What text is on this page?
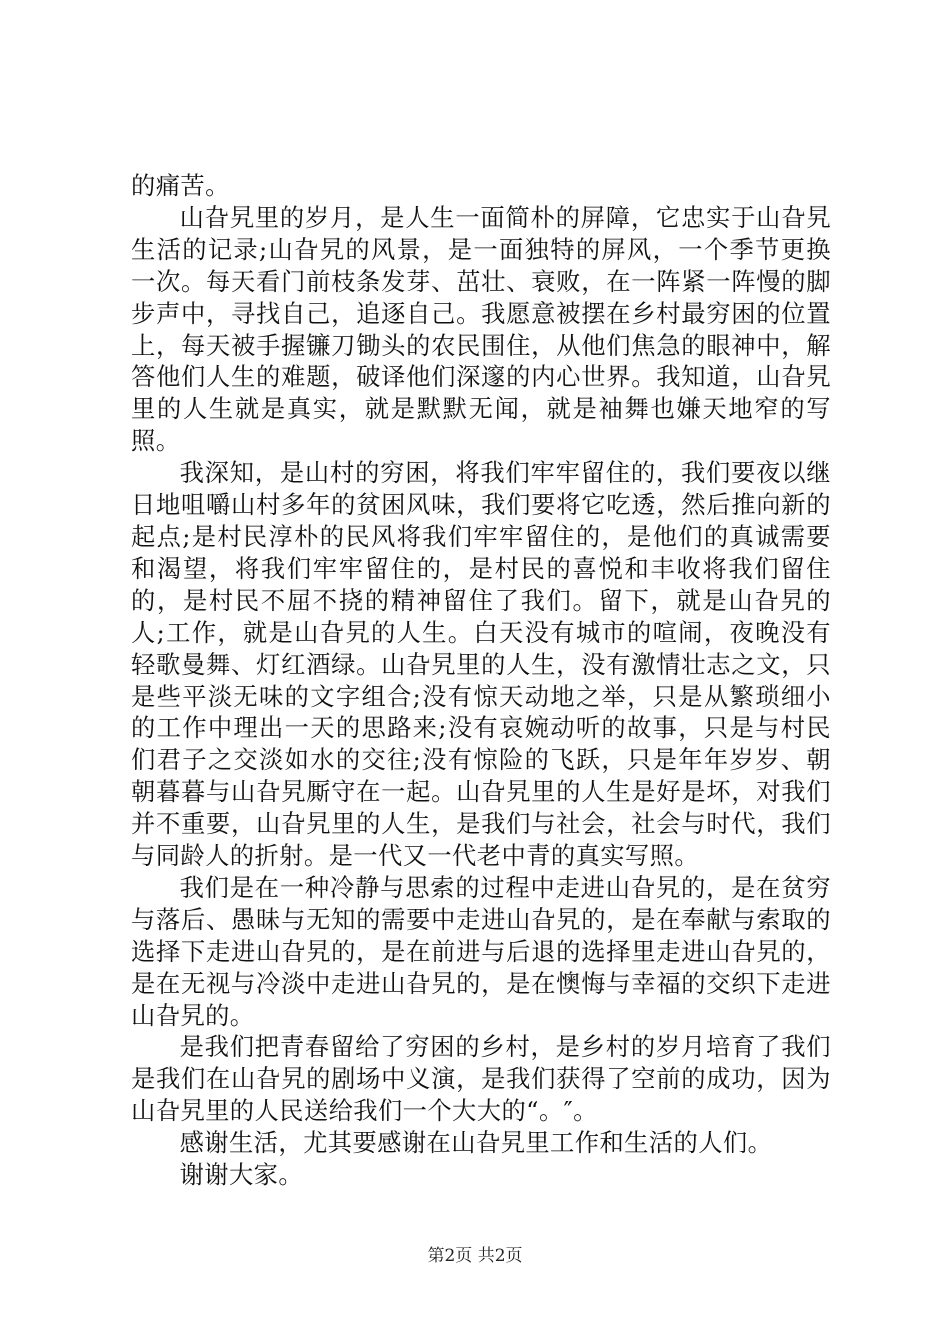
的痛苦。

山旮旯里的岁月，是人生一面简朴的屏障，它忠实于山旮旯生活的记录;山旮旯的风景，是一面独特的屏风，一个季节更换一次。每天看门前枝条发芽、茁壮、衰败，在一阵紧一阵慢的脚步声中，寻找自己，追逐自己。我愿意被摆在乡村最穷困的位置上，每天被手握镰刀锄头的农民围住，从他们焦急的眼神中，解答他们人生的难题，破译他们深邃的内心世界。我知道，山旮旯里的人生就是真实，就是默默无闻，就是袖舞也嫌天地窄的写照。

我深知，是山村的穷困，将我们牢牢留住的，我们要夜以继日地咀嚼山村多年的贫困风味，我们要将它吃透，然后推向新的起点;是村民淳朴的民风将我们牢牢留住的，是他们的真诚需要和渴望，将我们牢牢留住的，是村民的喜悦和丰收将我们留住的，是村民不屈不挠的精神留住了我们。留下，就是山旮旯的人;工作，就是山旮旯的人生。白天没有城市的喧闹，夜晚没有轻歌曼舞、灯红酒绿。山旮旯里的人生，没有激情壮志之文，只是些平淡无味的文字组合;没有惊天动地之举，只是从繁琐细小的工作中理出一天的思路来;没有哀婉动听的故事，只是与村民们君子之交淡如水的交往;没有惊险的飞跃，只是年年岁岁、朝朝暮暮与山旮旯厮守在一起。山旮旯里的人生是好是坏，对我们并不重要，山旮旯里的人生，是我们与社会，社会与时代，我们与同龄人的折射。是一代又一代老中青的真实写照。

我们是在一种冷静与思索的过程中走进山旮旯的，是在贫穷与落后、愚昧与无知的需要中走进山旮旯的，是在奉献与索取的选择下走进山旮旯的，是在前进与后退的选择里走进山旮旯的，是在无视与冷淡中走进山旮旯的，是在懊悔与幸福的交织下走进山旮旯的。

是我们把青春留给了穷困的乡村，是乡村的岁月培育了我们是我们在山旮旯的剧场中义演，是我们获得了空前的成功，因为山旮旯里的人民送给我们一个大大的“。″。

感谢生活，尤其要感谢在山旮旯里工作和生活的人们。

谢谢大家。

第2页 共2页
